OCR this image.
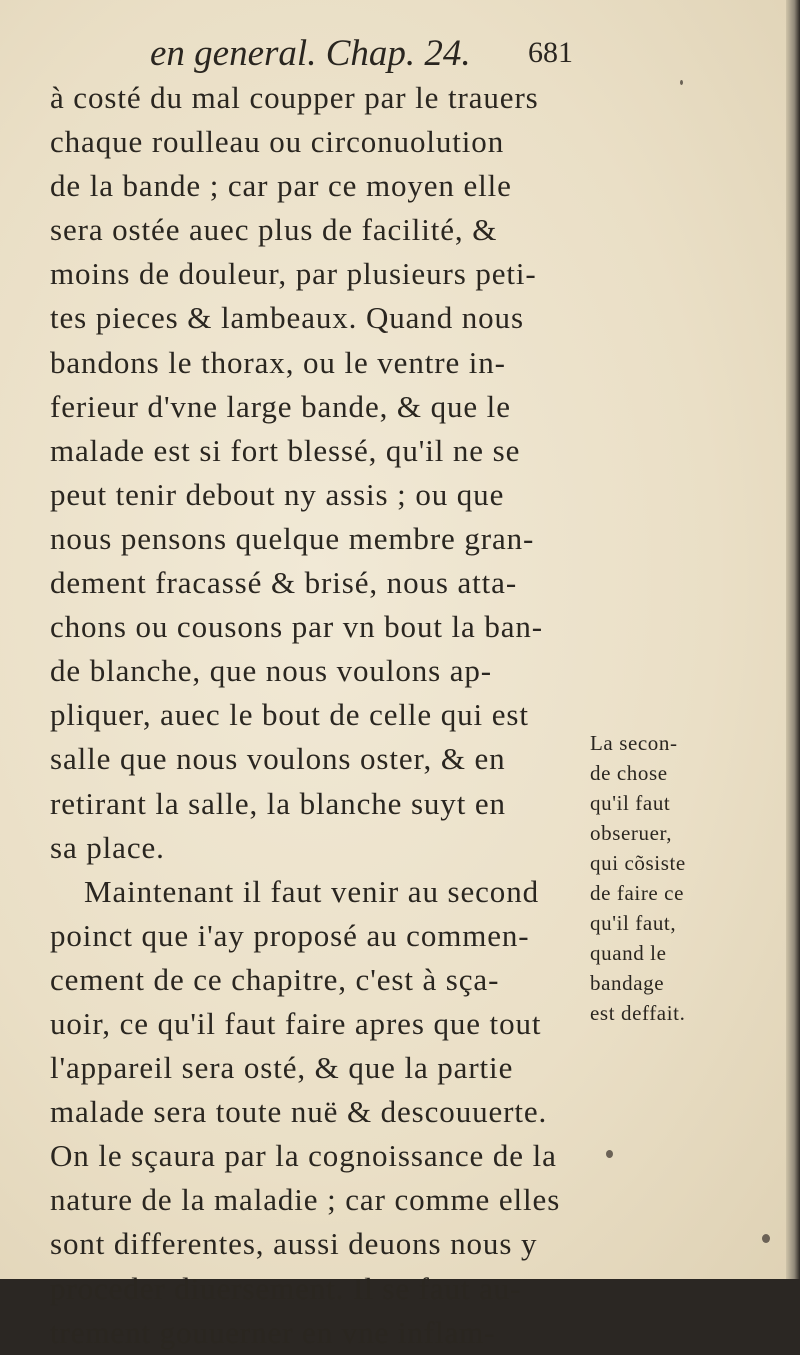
en general. Chap. 24. 681
à costé du mal coupper par le trauers
chaque roulleau ou circonuolution
de la bande ; car par ce moyen elle
sera ostée auec plus de facilité, &
moins de douleur, par plusieurs peti-
tes pieces & lambeaux. Quand nous
bandons le thorax, ou le ventre in-
ferieur d'vne large bande, & que le
malade est si fort blessé, qu'il ne se
peut tenir debout ny assis ; ou que
nous pensons quelque membre gran-
dement fracassé & brisé, nous atta-
chons ou cousons par vn bout la ban-
de blanche, que nous voulons ap-
pliquer, auec le bout de celle qui est
salle que nous voulons oster, & en
retirant la salle, la blanche suyt en
sa place.
Maintenant il faut venir au second
poinct que i'ay proposé au commen-
cement de ce chapitre, c'est à sça-
uoir, ce qu'il faut faire apres que tout
l'appareil sera osté, & que la partie
malade sera toute nuë & descouuerte.
On le sçaura par la cognoissance de la
nature de la maladie ; car comme elles
sont differentes, aussi deuons nous y
proceder diuersement. Il se faut au-
trement gouuerner en vne inflam-
La secon-
de chose
qu'il faut
obseruer,
qui cõsiste
de faire ce
qu'il faut,
quand le
bandage
est deffait.
